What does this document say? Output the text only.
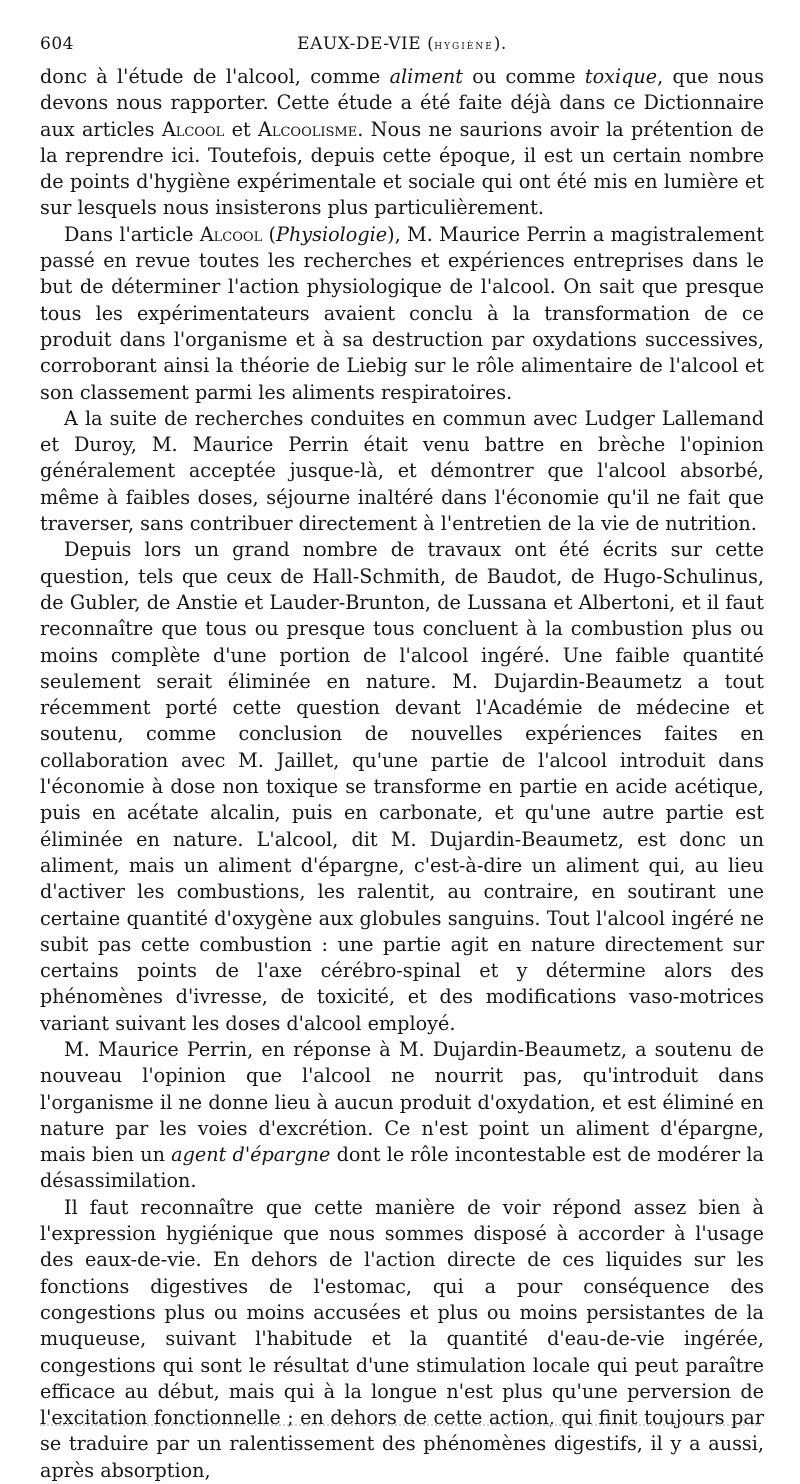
604	EAUX-DE-VIE (hygiène).

donc à l'étude de l'alcool, comme aliment ou comme toxique, que nous devons nous rapporter. Cette étude a été faite déjà dans ce Dictionnaire aux articles Alcool et Alcoolisme. Nous ne saurions avoir la prétention de la reprendre ici. Toutefois, depuis cette époque, il est un certain nombre de points d'hygiène expérimentale et sociale qui ont été mis en lumière et sur lesquels nous insisterons plus particulièrement.

Dans l'article Alcool (Physiologie), M. Maurice Perrin a magistralement passé en revue toutes les recherches et expériences entreprises dans le but de déterminer l'action physiologique de l'alcool. On sait que presque tous les expérimentateurs avaient conclu à la transformation de ce produit dans l'organisme et à sa destruction par oxydations successives, corroborant ainsi la théorie de Liebig sur le rôle alimentaire de l'alcool et son classement parmi les aliments respiratoires.

A la suite de recherches conduites en commun avec Ludger Lallemand et Duroy, M. Maurice Perrin était venu battre en brèche l'opinion généralement acceptée jusque-là, et démontrer que l'alcool absorbé, même à faibles doses, séjourne inaltéré dans l'économie qu'il ne fait que traverser, sans contribuer directement à l'entretien de la vie de nutrition.

Depuis lors un grand nombre de travaux ont été écrits sur cette question, tels que ceux de Hall-Schmith, de Baudot, de Hugo-Schulinus, de Gubler, de Anstie et Lauder-Brunton, de Lussana et Albertoni, et il faut reconnaître que tous ou presque tous concluent à la combustion plus ou moins complète d'une portion de l'alcool ingéré. Une faible quantité seulement serait éliminée en nature. M. Dujardin-Beaumetz a tout récemment porté cette question devant l'Académie de médecine et soutenu, comme conclusion de nouvelles expériences faites en collaboration avec M. Jaillet, qu'une partie de l'alcool introduit dans l'économie à dose non toxique se transforme en partie en acide acétique, puis en acétate alcalin, puis en carbonate, et qu'une autre partie est éliminée en nature. L'alcool, dit M. Dujardin-Beaumetz, est donc un aliment, mais un aliment d'épargne, c'est-à-dire un aliment qui, au lieu d'activer les combustions, les ralentit, au contraire, en soutirant une certaine quantité d'oxygène aux globules sanguins. Tout l'alcool ingéré ne subit pas cette combustion : une partie agit en nature directement sur certains points de l'axe cérébro-spinal et y détermine alors des phénomènes d'ivresse, de toxicité, et des modifications vaso-motrices variant suivant les doses d'alcool employé.

M. Maurice Perrin, en réponse à M. Dujardin-Beaumetz, a soutenu de nouveau l'opinion que l'alcool ne nourrit pas, qu'introduit dans l'organisme il ne donne lieu à aucun produit d'oxydation, et est éliminé en nature par les voies d'excrétion. Ce n'est point un aliment d'épargne, mais bien un agent d'épargne dont le rôle incontestable est de modérer la désassimilation.

Il faut reconnaître que cette manière de voir répond assez bien à l'expression hygiénique que nous sommes disposé à accorder à l'usage des eaux-de-vie. En dehors de l'action directe de ces liquides sur les fonctions digestives de l'estomac, qui a pour conséquence des congestions plus ou moins accusées et plus ou moins persistantes de la muqueuse, suivant l'habitude et la quantité d'eau-de-vie ingérée, congestions qui sont le résultat d'une stimulation locale qui peut paraître efficace au début, mais qui à la longue n'est plus qu'une perversion de l'excitation fonctionnelle ; en dehors de cette action, qui finit toujours par se traduire par un ralentissement des phénomènes digestifs, il y a aussi, après absorption,
